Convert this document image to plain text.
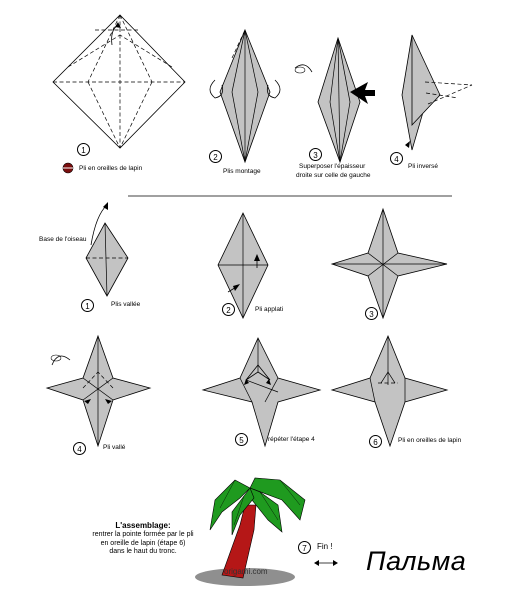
1
2	3	4
1	2	3
4
5	6
7
Pli en oreilles de lapin	Plis montage
Superposer l'épaisseur
droite sur celle de gauche
Pli inversé
Base de l'oiseau
Plis vallée
Pli applati
Pli vallé
répéter l'étape 4	Pli en oreilles de lapin
Fin !
origami.com
L'assemblage:
rentrer la pointe formée par le pli
en oreille de lapin (étape 6)
dans le haut du tronc.	Пальма
